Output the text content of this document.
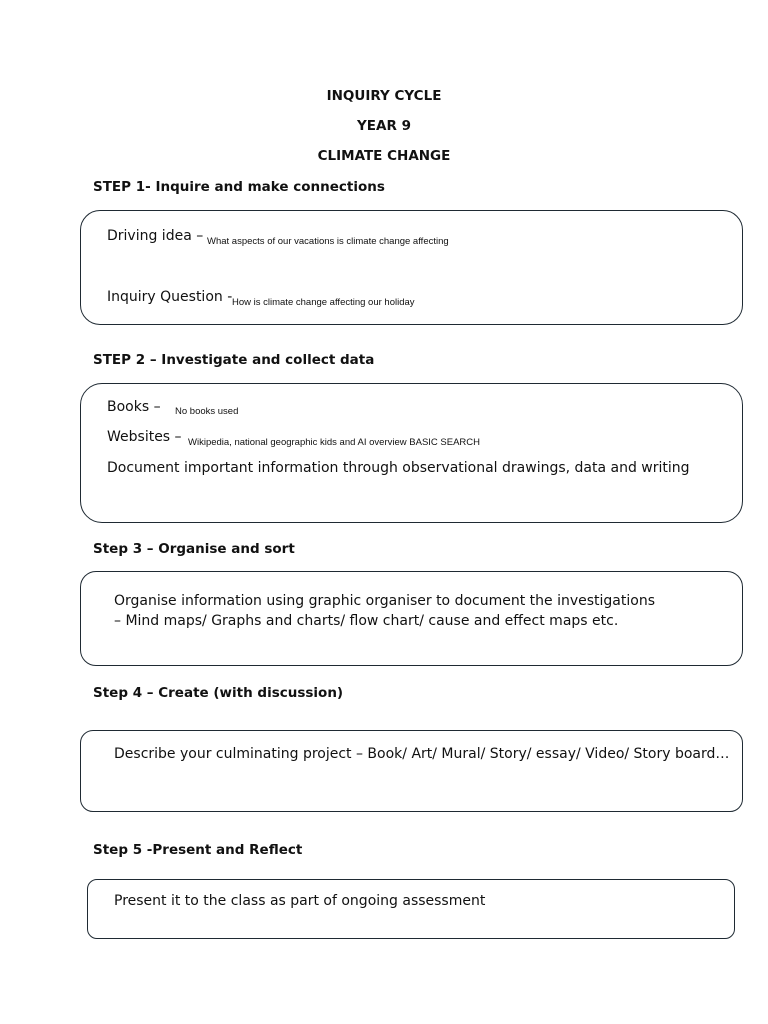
INQUIRY CYCLE
YEAR 9
CLIMATE CHANGE
STEP 1- Inquire and make connections
Driving idea – What aspects of our vacations is climate change affecting
Inquiry Question - How is climate change affecting our holiday
STEP 2 – Investigate and collect data
Books – No books used
Websites – Wikipedia, national geographic kids and AI overview BASIC SEARCH
Document important information through observational drawings, data and writing
Step 3 – Organise and sort
Organise information using graphic organiser to document the investigations
– Mind maps/ Graphs and charts/ flow chart/ cause and effect maps etc.
Step 4 – Create (with discussion)
Describe your culminating project – Book/ Art/ Mural/ Story/ essay/ Video/ Story board…
Step 5 -Present and Reflect
Present it to the class as part of ongoing assessment
